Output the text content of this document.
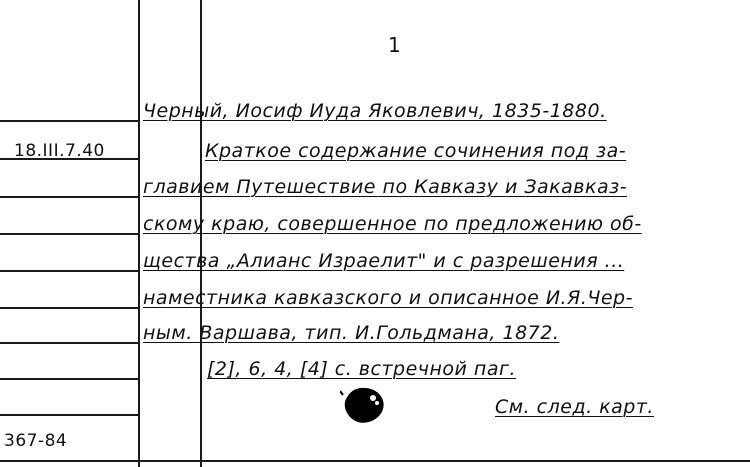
1
18.III.7.40
367-84
Черный, Иосиф Иуда Яковлевич, 1835-1880.
Краткое содержание сочинения под за-
главием Путешествие по Кавказу и Закавказ-
скому краю, совершенное по предложению об-
щества „Алианс Израелит" и с разрешения ...
наместника кавказского и описанное И.Я.Чер-
ным. Варшава, тип. И.Гольдмана, 1872.
[2], 6, 4, [4] с. встречной паг.
См. след. карт.
